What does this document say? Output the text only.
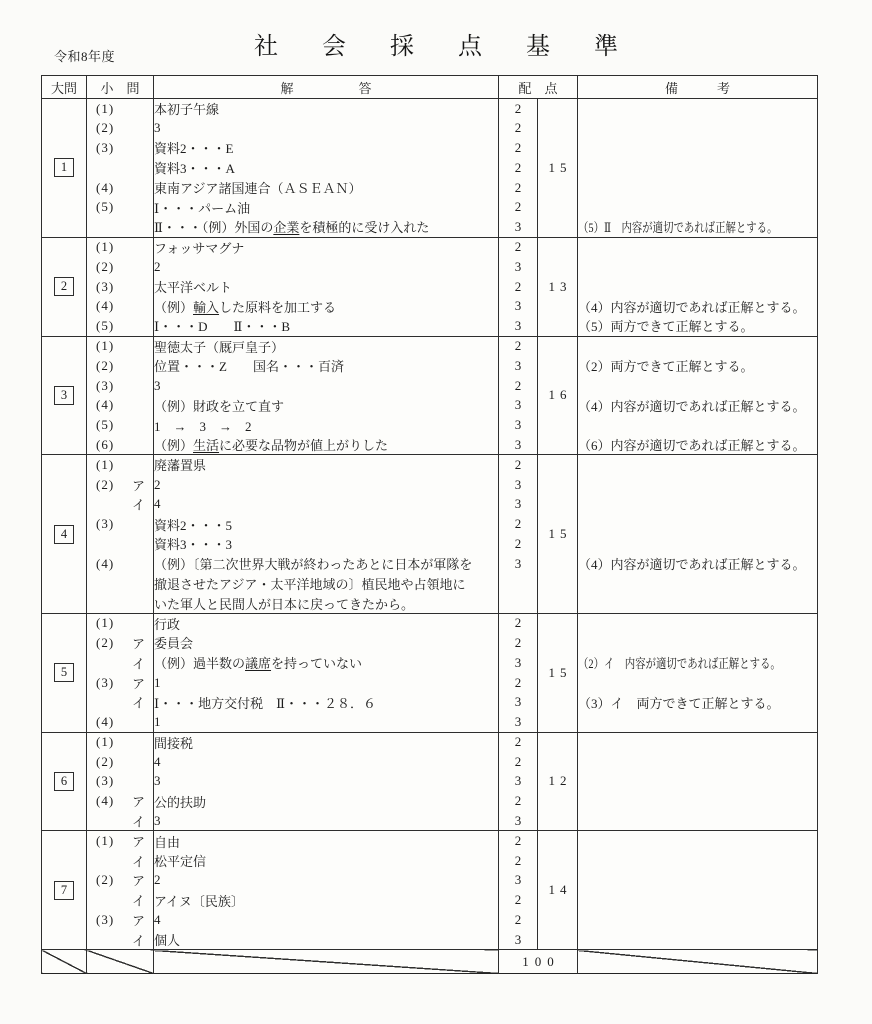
令和8年度	社 会 採 点 基 準
大問	小　問	解　　　　　答	配　点		備　　　考
1	(1)	本初子午線	2	15	

	(2)	3	2		

	(3)	資料2・・・E	2		

		資料3・・・A	2		

	(4)	東南アジア諸国連合（ＡＳＥＡＮ）	2		

	(5)	Ⅰ・・・パーム油	2		

		Ⅱ・・・（例）外国の企業を積極的に受け入れた	3		（5）Ⅱ　内容が適切であれば正解とする。
2	(1)	フォッサマグナ	2	13	

	(2)	2	3		

	(3)	太平洋ベルト	2		

	(4)	（例）輸入した原料を加工する	3		（4）内容が適切であれば正解とする。

	(5)	Ⅰ・・・D　　Ⅱ・・・B	3		（5）両方できて正解とする。
3	(1)	聖徳太子（厩戸皇子）	2	16	

	(2)	位置・・・Z　　国名・・・百済	3		（2）両方できて正解とする。

	(3)	3	2		

	(4)	（例）財政を立て直す	3		（4）内容が適切であれば正解とする。

	(5)	1　→　3　→　2	3		

	(6)	（例）生活に必要な品物が値上がりした	3		（6）内容が適切であれば正解とする。
4	(1)	廃藩置県	2	15	

	(2) ア	2	3		

	イ	4	3		

	(3)	資料2・・・5	2		

		資料3・・・3	2		

	(4)	（例）〔第二次世界大戦が終わったあとに日本が軍隊を	3		（4）内容が適切であれば正解とする。

		撤退させたアジア・太平洋地域の〕植民地や占領地に			

		いた軍人と民間人が日本に戻ってきたから。			
5	(1)	行政	2	15	

	(2) ア	委員会	2		

	イ	（例）過半数の議席を持っていない	3		（2）イ　内容が適切であれば正解とする。

	(3) ア	1	2		

	イ	Ⅰ・・・地方交付税　Ⅱ・・・２８．６	3		（3）イ　両方できて正解とする。

	(4)	1	3		
6	(1)	間接税	2	12	

	(2)	4	2		

	(3)	3	3		

	(4) ア	公的扶助	2		

	イ	3	3		
7	(1) ア	自由	2	14	

	イ	松平定信	2		

	(2) ア	2	3		

	イ	アイヌ〔民族〕	2		

	(3) ア	4	2		

	イ	個人	3		
			100		
